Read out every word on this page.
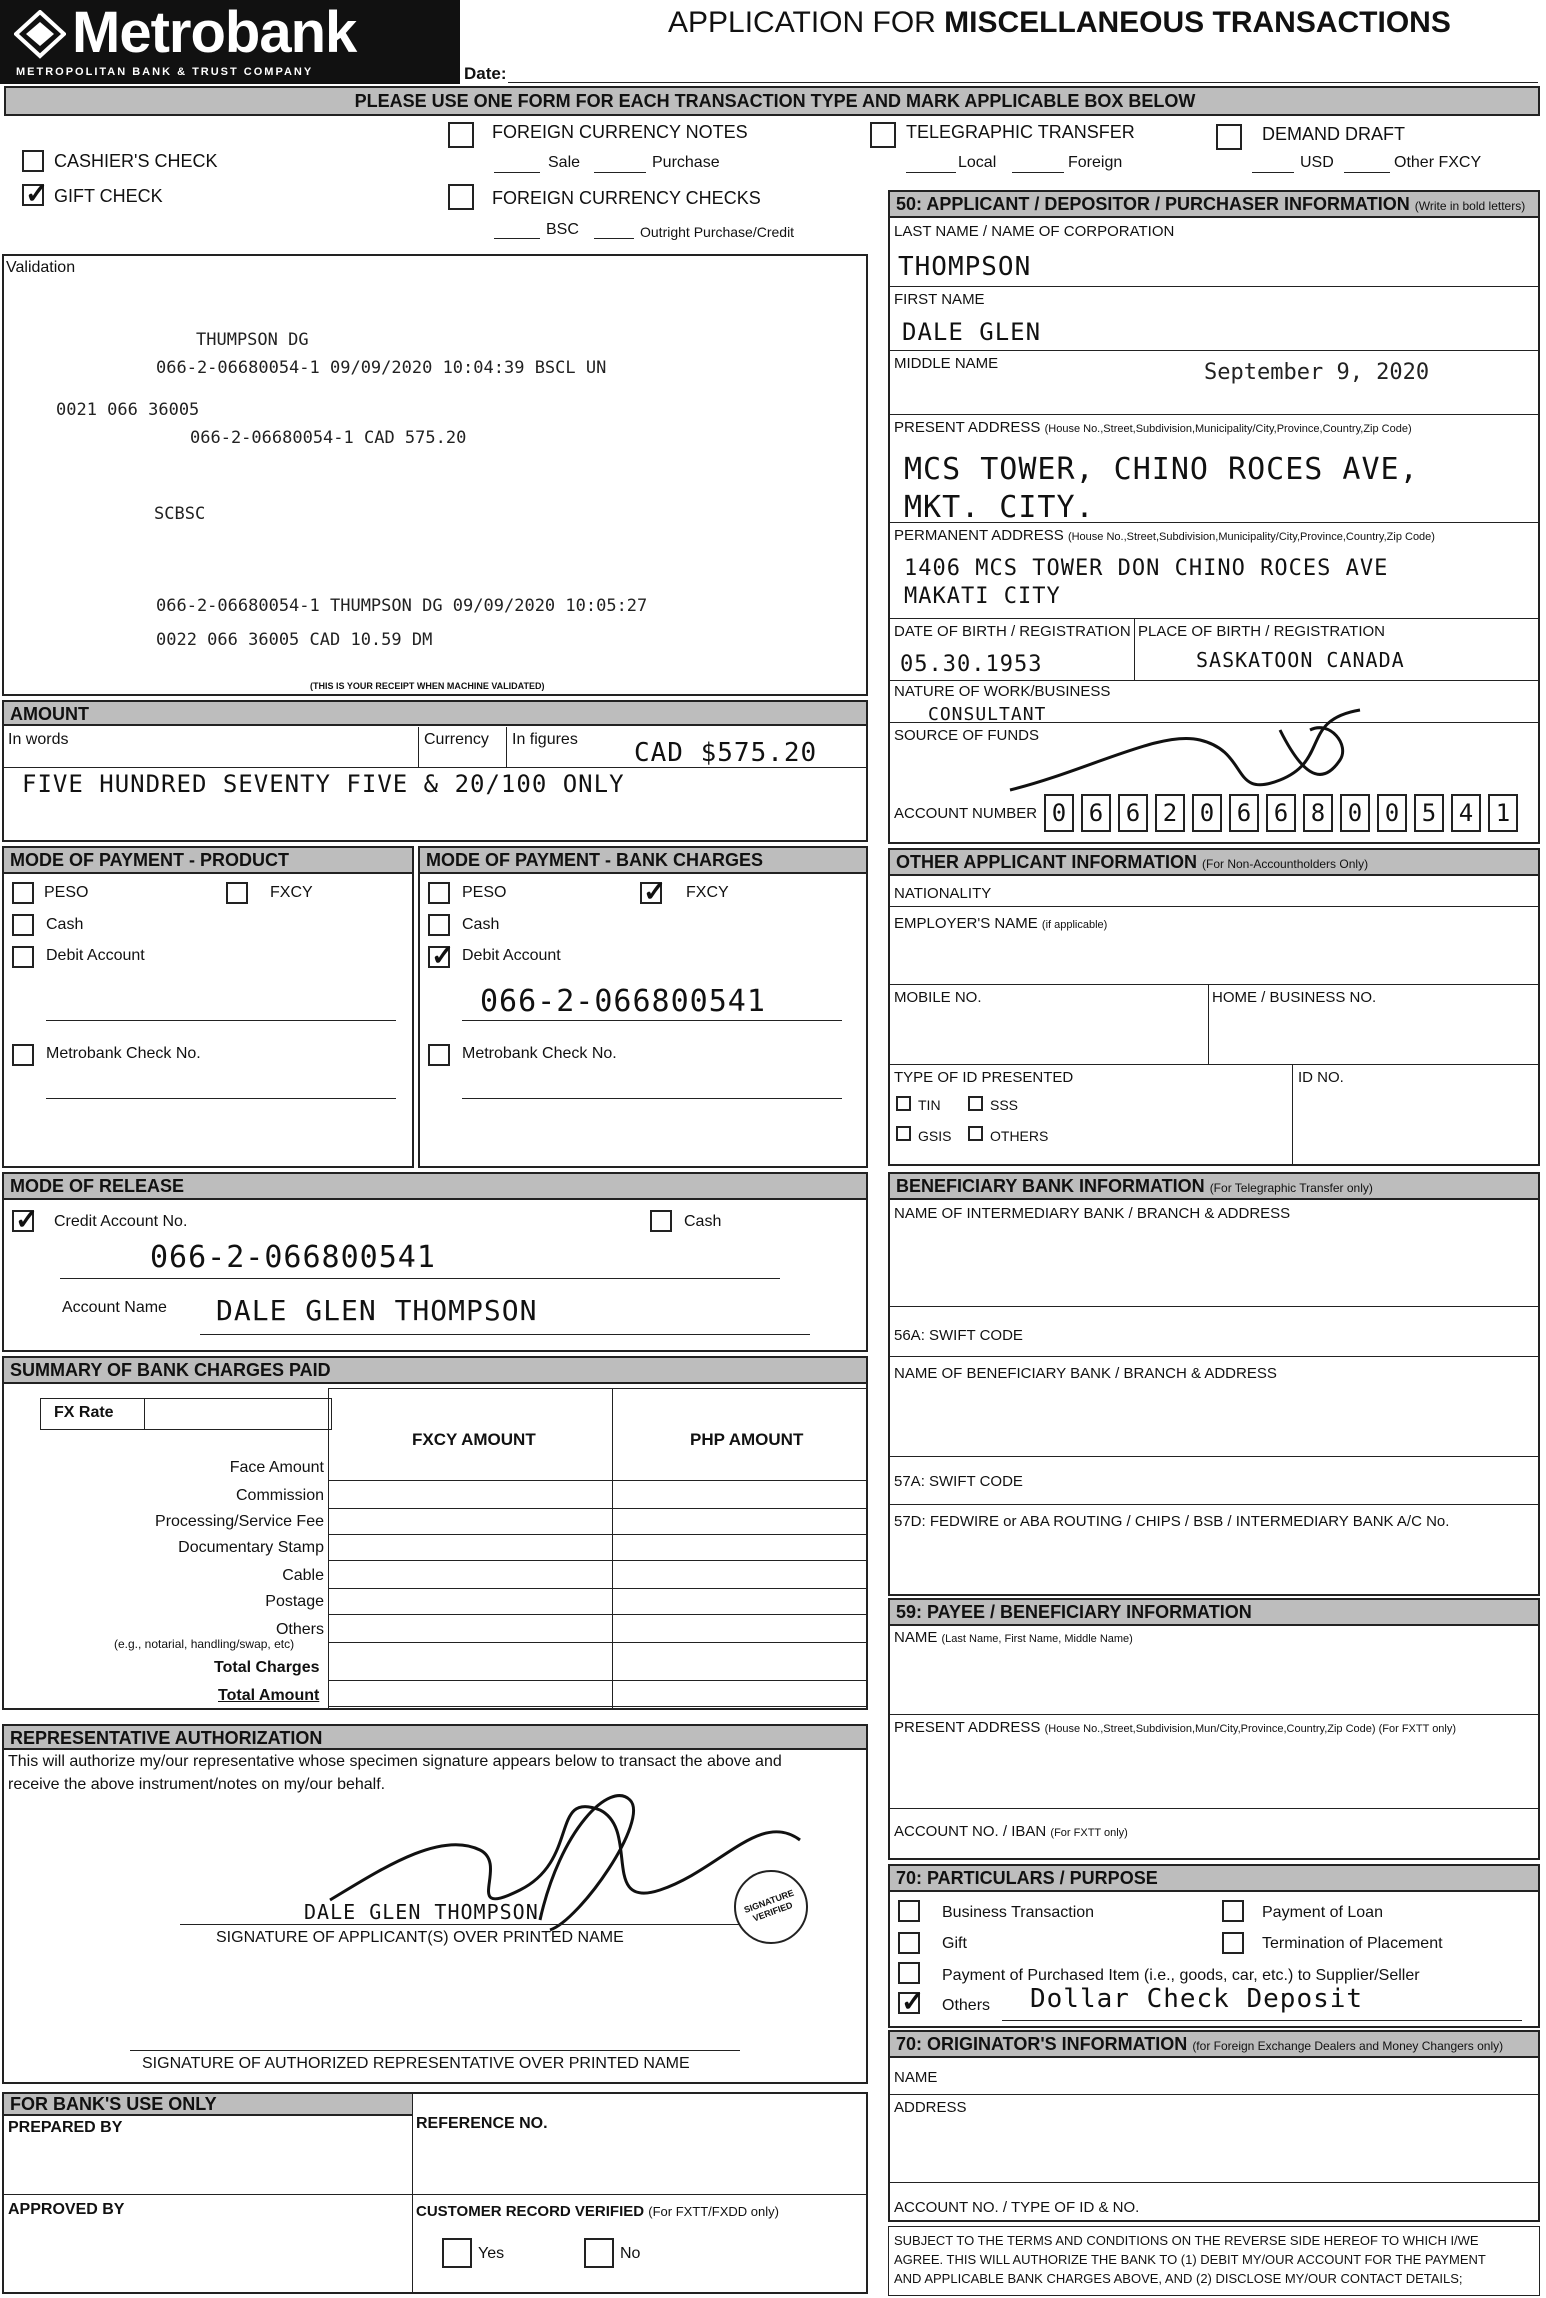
Metrobank
METROPOLITAN BANK & TRUST COMPANY
APPLICATION FOR MISCELLANEOUS TRANSACTIONS
Date:
PLEASE USE ONE FORM FOR EACH TRANSACTION TYPE AND MARK APPLICABLE BOX BELOW
CASHIER'S CHECK
✓
GIFT CHECK
FOREIGN CURRENCY NOTES
Sale	Purchase
FOREIGN CURRENCY CHECKS
BSC	Outright Purchase/Credit
TELEGRAPHIC TRANSFER
Local	Foreign
DEMAND DRAFT
USD	Other FXCY
Validation
THUMPSON DG
066-2-06680054-1 09/09/2020 10:04:39 BSCL UN
0021 066 36005
066-2-06680054-1 CAD 575.20
SCBSC
066-2-06680054-1 THUMPSON DG 09/09/2020 10:05:27
0022 066 36005 CAD 10.59 DM
(THIS IS YOUR RECEIPT WHEN MACHINE VALIDATED)
AMOUNT
In words	Currency In figures CAD $575.20
FIVE HUNDRED SEVENTY FIVE & 20/100 ONLY
MODE OF PAYMENT - PRODUCT
PESO	FXCY
Cash
Debit Account
Metrobank Check No.
MODE OF PAYMENT - BANK CHARGES
PESO
✓	FXCY
Cash
✓
Debit Account
066-2-066800541
Metrobank Check No.
MODE OF RELEASE
✓
Credit Account No.	Cash
066-2-066800541
Account Name DALE GLEN THOMPSON
SUMMARY OF BANK CHARGES PAID
FX Rate
FXCY AMOUNT	PHP AMOUNT
Face Amount
Commission
Processing/Service Fee
Documentary Stamp
Cable
Postage
Others
(e.g., notarial, handling/swap, etc)
Total Charges
Total Amount
REPRESENTATIVE AUTHORIZATION
This will authorize my/our representative whose specimen signature appears below to transact the above and
receive the above instrument/notes on my/our behalf.
DALE GLEN THOMPSON	SIGNATURE VERIFIED
SIGNATURE OF APPLICANT(S) OVER PRINTED NAME
SIGNATURE OF AUTHORIZED REPRESENTATIVE OVER PRINTED NAME
FOR BANK'S USE ONLY
PREPARED BY	REFERENCE NO.
APPROVED BY	CUSTOMER RECORD VERIFIED (For FXTT/FXDD only)
Yes	No
50: APPLICANT / DEPOSITOR / PURCHASER INFORMATION (Write in bold letters)
LAST NAME / NAME OF CORPORATION
THOMPSON
FIRST NAME
DALE GLEN
MIDDLE NAME	September 9, 2020
PRESENT ADDRESS (House No.,Street,Subdivision,Municipality/City,Province,Country,Zip Code)
MCS TOWER, CHINO ROCES AVE,
MKT. CITY.
PERMANENT ADDRESS (House No.,Street,Subdivision,Municipality/City,Province,Country,Zip Code)
1406 MCS TOWER DON CHINO ROCES AVE
MAKATI CITY
DATE OF BIRTH / REGISTRATION
05.30.1953
PLACE OF BIRTH / REGISTRATION
SASKATOON CANADA
NATURE OF WORK/BUSINESS
CONSULTANT
SOURCE OF FUNDS
ACCOUNT NUMBER 0 6 6 2 0 6 6 8 0 0 5 4 1
OTHER APPLICANT INFORMATION (For Non-Accountholders Only)
NATIONALITY
EMPLOYER'S NAME (if applicable)
MOBILE NO.	HOME / BUSINESS NO.
TYPE OF ID PRESENTED	ID NO.
TIN	SSS
GSIS	OTHERS
BENEFICIARY BANK INFORMATION (For Telegraphic Transfer only)
NAME OF INTERMEDIARY BANK / BRANCH & ADDRESS
56A: SWIFT CODE
NAME OF BENEFICIARY BANK / BRANCH & ADDRESS
57A: SWIFT CODE
57D: FEDWIRE or ABA ROUTING / CHIPS / BSB / INTERMEDIARY BANK A/C No.
59: PAYEE / BENEFICIARY INFORMATION
NAME (Last Name, First Name, Middle Name)
PRESENT ADDRESS (House No.,Street,Subdivision,Mun/City,Province,Country,Zip Code) (For FXTT only)
ACCOUNT NO. / IBAN (For FXTT only)
70: PARTICULARS / PURPOSE
Business Transaction	Payment of Loan
Gift	Termination of Placement
Payment of Purchased Item (i.e., goods, car, etc.) to Supplier/Seller
✓
Others Dollar Check Deposit
70: ORIGINATOR'S INFORMATION (for Foreign Exchange Dealers and Money Changers only)
NAME
ADDRESS
ACCOUNT NO. / TYPE OF ID & NO.
SUBJECT TO THE TERMS AND CONDITIONS ON THE REVERSE SIDE HEREOF TO WHICH I/WE
AGREE. THIS WILL AUTHORIZE THE BANK TO (1) DEBIT MY/OUR ACCOUNT FOR THE PAYMENT
AND APPLICABLE BANK CHARGES ABOVE, AND (2) DISCLOSE MY/OUR CONTACT DETAILS;
